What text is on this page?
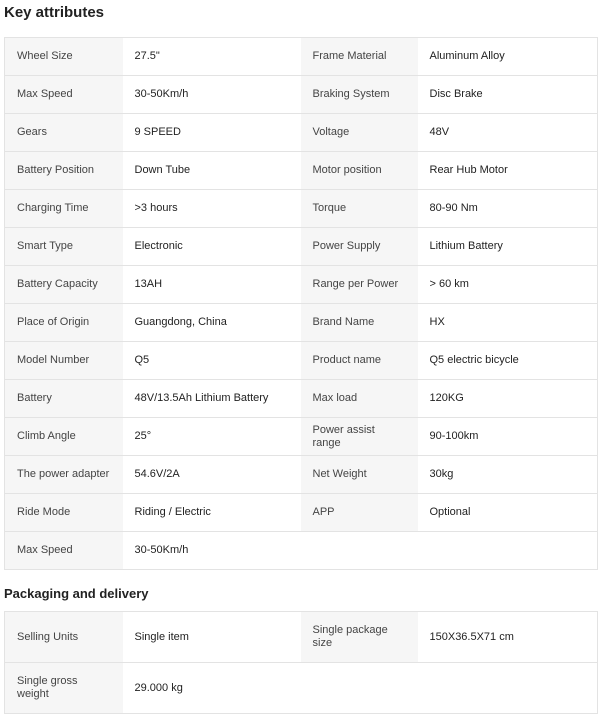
Key attributes
Wheel Size	27.5"	Frame Material	Aluminum Alloy
Max Speed	30-50Km/h	Braking System	Disc Brake
Gears	9 SPEED	Voltage	48V
Battery Position	Down Tube	Motor position	Rear Hub Motor
Charging Time	>3 hours	Torque	80-90 Nm
Smart Type	Electronic	Power Supply	Lithium Battery
Battery Capacity	13AH	Range per Power	> 60 km
Place of Origin	Guangdong, China	Brand Name	HX
Model Number	Q5	Product name	Q5 electric bicycle
Battery	48V/13.5Ah Lithium Battery	Max load	120KG
Climb Angle	25°	Power assist range	90-100km
The power adapter	54.6V/2A	Net Weight	30kg
Ride Mode	Riding / Electric	APP	Optional
Max Speed	30-50Km/h		
Packaging and delivery
Selling Units	Single item	Single package size	150X36.5X71 cm
Single gross weight	29.000 kg		
